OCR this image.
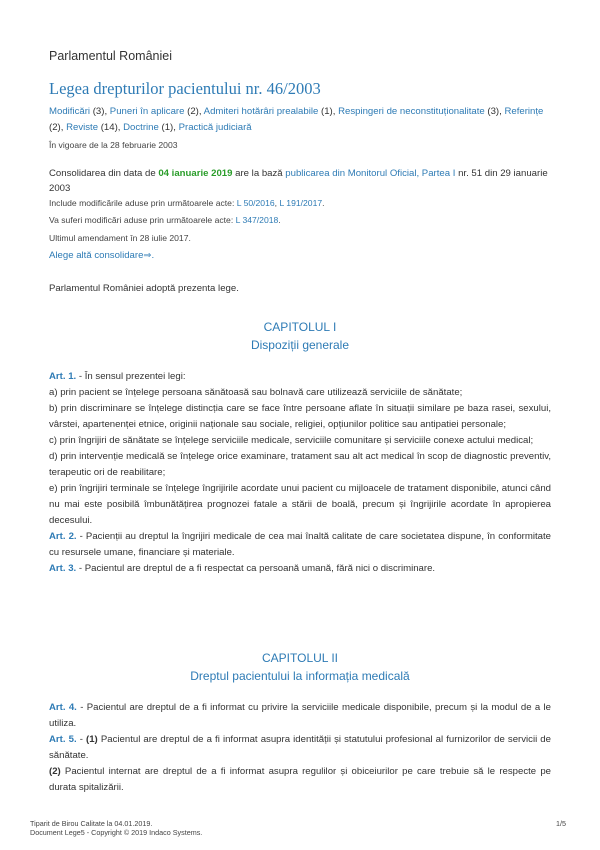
Parlamentul României
Legea drepturilor pacientului nr. 46/2003
Modificări (3), Puneri în aplicare (2), Admiteri hotărâri prealabile (1), Respingeri de neconstituționalitate (3), Referințe (2), Reviste (14), Doctrine (1), Practică judiciară
În vigoare de la 28 februarie 2003
Consolidarea din data de 04 ianuarie 2019 are la bază publicarea din Monitorul Oficial, Partea I nr. 51 din 29 ianuarie 2003
Include modificările aduse prin următoarele acte: L 50/2016, L 191/2017.
Va suferi modificări aduse prin următoarele acte: L 347/2018.
Ultimul amendament în 28 iulie 2017.
Alege altă consolidare⇒.
Parlamentul României adoptă prezenta lege.
CAPITOLUL I
Dispoziții generale

Art. 1. - În sensul prezentei legi:

a) prin pacient se înțelege persoana sănătoasă sau bolnavă care utilizează serviciile de sănătate;

b) prin discriminare se înțelege distincția care se face între persoane aflate în situații similare pe baza rasei, sexului, vârstei, apartenenței etnice, originii naționale sau sociale, religiei, opțiunilor politice sau antipatiei personale;

c) prin îngrijiri de sănătate se înțelege serviciile medicale, serviciile comunitare și serviciile conexe actului medical;

d) prin intervenție medicală se înțelege orice examinare, tratament sau alt act medical în scop de diagnostic preventiv, terapeutic ori de reabilitare;

e) prin îngrijiri terminale se înțelege îngrijirile acordate unui pacient cu mijloacele de tratament disponibile, atunci când nu mai este posibilă îmbunătățirea prognozei fatale a stării de boală, precum și îngrijirile acordate în apropierea decesului.

Art. 2. - Pacienții au dreptul la îngrijiri medicale de cea mai înaltă calitate de care societatea dispune, în conformitate cu resursele umane, financiare și materiale.

Art. 3. - Pacientul are dreptul de a fi respectat ca persoană umană, fără nici o discriminare.

CAPITOLUL II
Dreptul pacientului la informația medicală

Art. 4. - Pacientul are dreptul de a fi informat cu privire la serviciile medicale disponibile, precum și la modul de a le utiliza.

Art. 5. - (1) Pacientul are dreptul de a fi informat asupra identității și statutului profesional al furnizorilor de servicii de sănătate.

(2) Pacientul internat are dreptul de a fi informat asupra regulilor și obiceiurilor pe care trebuie să le respecte pe durata spitalizării.

Tiparit de Birou Calitate la 04.01.2019.
Document Lege5 - Copyright © 2019 Indaco Systems.
1/5
